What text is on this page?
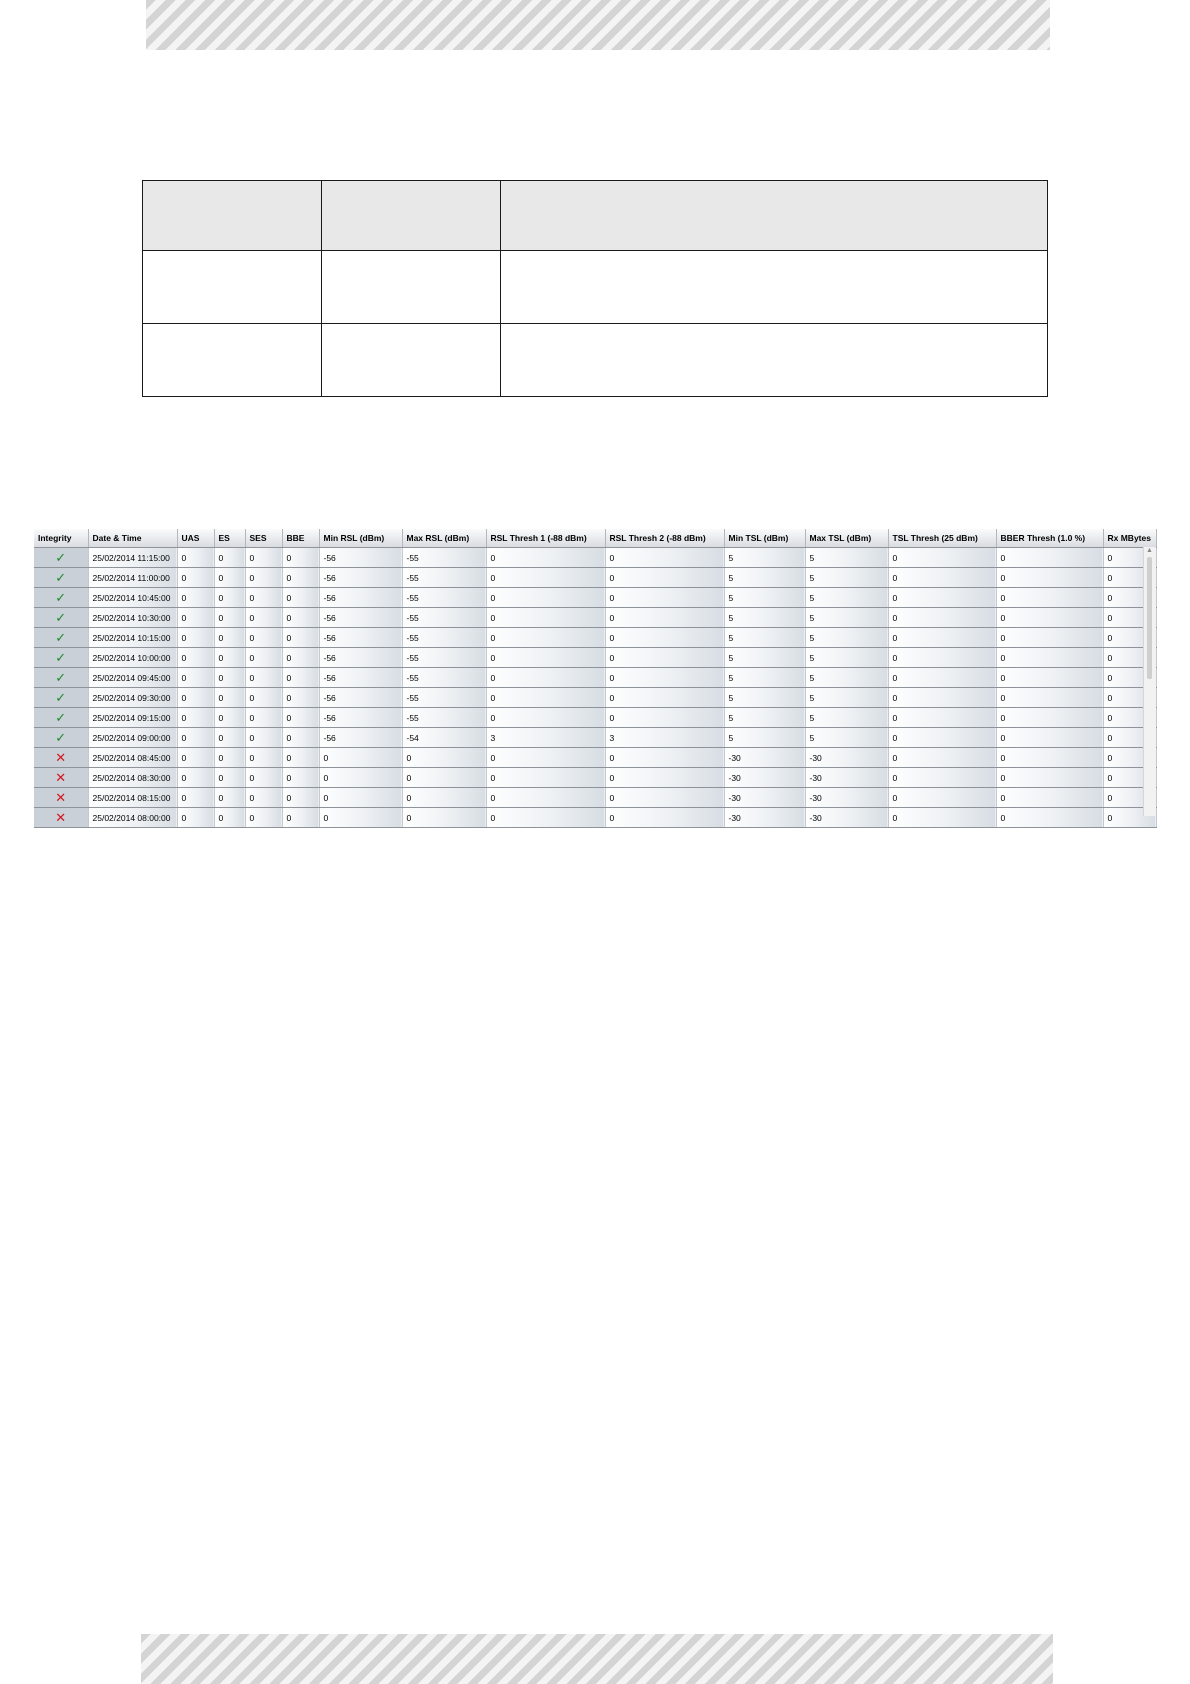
Integrity	Date & Time	UAS	ES	SES	BBE	Min RSL (dBm)	Max RSL (dBm)	RSL Thresh 1 (-88 dBm)	RSL Thresh 2 (-88 dBm)	Min TSL (dBm)	Max TSL (dBm)	TSL Thresh (25 dBm)	BBER Thresh (1.0 %)	Rx MBytes
✓	25/02/2014 11:15:00	0	0	0	0	-56	-55	0	0	5	5	0	0	0
✓	25/02/2014 11:00:00	0	0	0	0	-56	-55	0	0	5	5	0	0	0
✓	25/02/2014 10:45:00	0	0	0	0	-56	-55	0	0	5	5	0	0	0
✓	25/02/2014 10:30:00	0	0	0	0	-56	-55	0	0	5	5	0	0	0
✓	25/02/2014 10:15:00	0	0	0	0	-56	-55	0	0	5	5	0	0	0
✓	25/02/2014 10:00:00	0	0	0	0	-56	-55	0	0	5	5	0	0	0
✓	25/02/2014 09:45:00	0	0	0	0	-56	-55	0	0	5	5	0	0	0
✓	25/02/2014 09:30:00	0	0	0	0	-56	-55	0	0	5	5	0	0	0
✓	25/02/2014 09:15:00	0	0	0	0	-56	-55	0	0	5	5	0	0	0
✓	25/02/2014 09:00:00	0	0	0	0	-56	-54	3	3	5	5	0	0	0
✕	25/02/2014 08:45:00	0	0	0	0	0	0	0	0	-30	-30	0	0	0
✕	25/02/2014 08:30:00	0	0	0	0	0	0	0	0	-30	-30	0	0	0
✕	25/02/2014 08:15:00	0	0	0	0	0	0	0	0	-30	-30	0	0	0
✕	25/02/2014 08:00:00	0	0	0	0	0	0	0	0	-30	-30	0	0	0
▲
